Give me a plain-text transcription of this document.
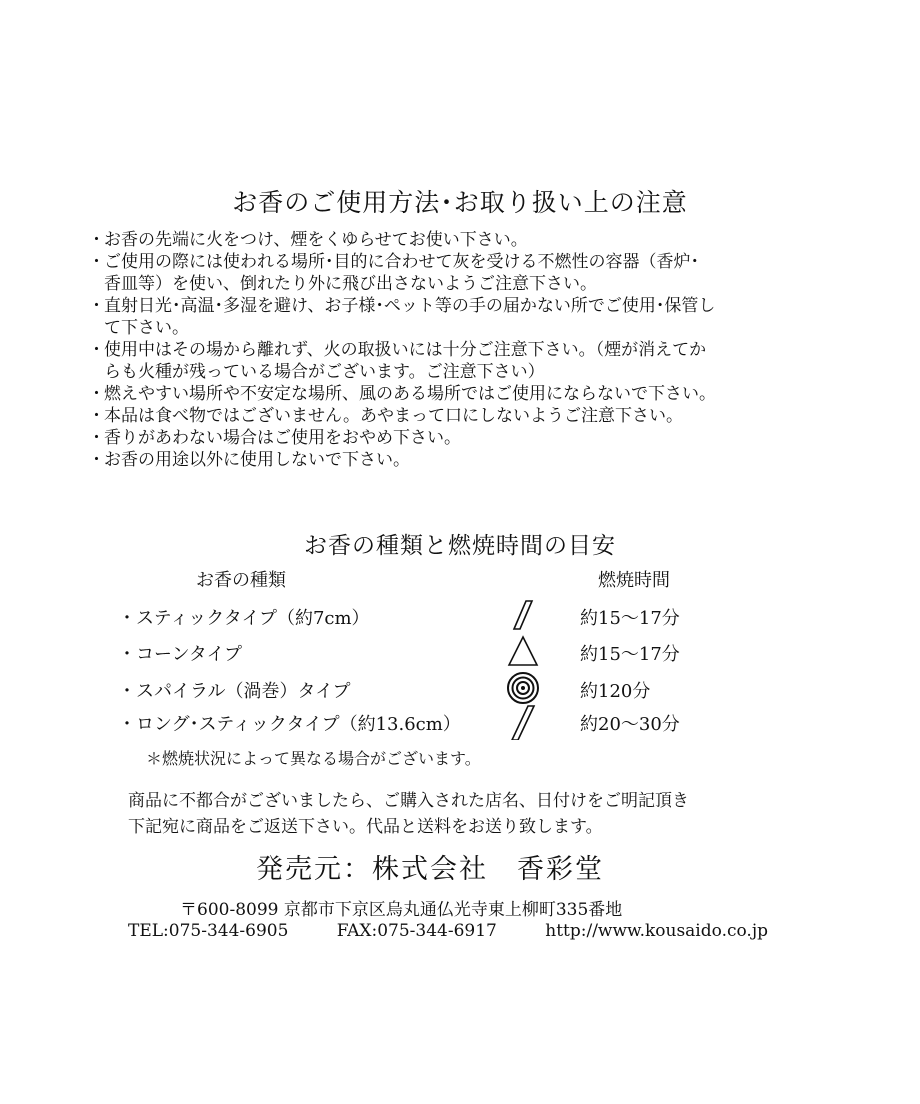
お香のご使用方法･お取り扱い上の注意
・ お香の先端に火をつけ、煙をくゆらせてお使い下さい。
・ ご使用の際には使われる場所･目的に合わせて灰を受ける不燃性の容器（香炉･
香皿等）を使い、倒れたり外に飛び出さないようご注意下さい。
・ 直射日光･高温･多湿を避け、お子様･ペット等の手の届かない所でご使用･保管し
て下さい。
・ 使用中はその場から離れず、火の取扱いには十分ご注意下さい。（煙が消えてか
らも火種が残っている場合がございます。ご注意下さい）
・ 燃えやすい場所や不安定な場所、風のある場所ではご使用にならないで下さい。
・ 本品は食べ物ではございません。あやまって口にしないようご注意下さい。
・ 香りがあわない場合はご使用をおやめ下さい。
・ お香の用途以外に使用しないで下さい。
お香の種類と燃焼時間の目安
お香の種類	燃焼時間
・スティックタイプ（約7cm）	約15〜17分
・コーンタイプ	約15〜17分
・スパイラル（渦巻）タイプ	約120分
・ロング･スティックタイプ（約13.6cm）	約20〜30分
＊燃焼状況によって異なる場合がございます。
商品に不都合がございましたら、ご購入された店名、日付けをご明記頂き
下記宛に商品をご返送下さい。代品と送料をお送り致します。
発売元：株式会社　香彩堂
〒600-8099 京都市下京区烏丸通仏光寺東上柳町335番地
TEL:075-344-6905	FAX:075-344-6917	http://www.kousaido.co.jp
